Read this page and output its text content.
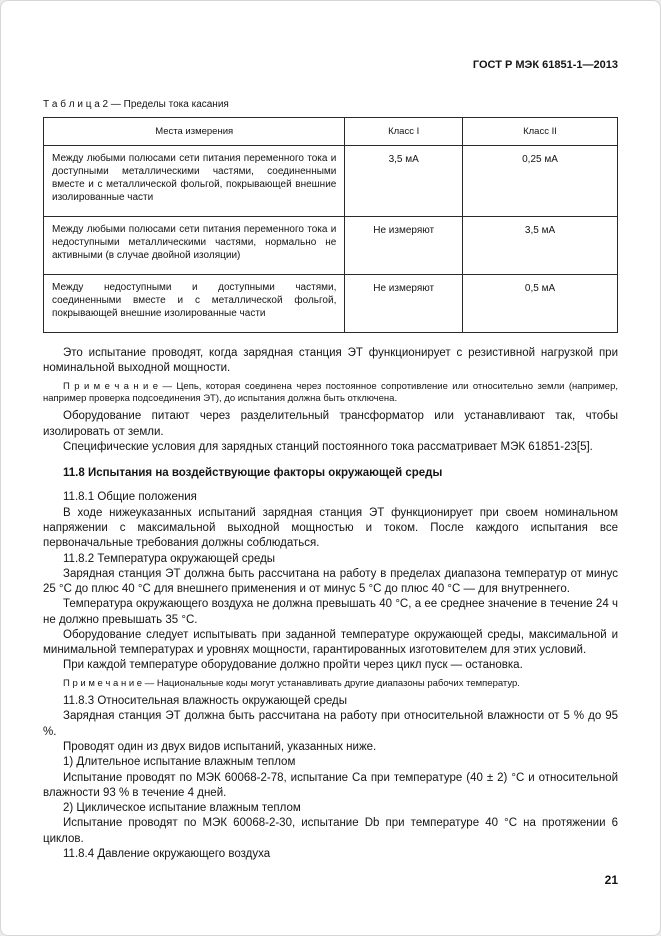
ГОСТ Р МЭК 61851-1—2013
Т а б л и ц а 2 — Пределы тока касания
Места измерения	Класс I	Класс II
Между любыми полюсами сети питания переменного тока и доступными металлическими частями, соединенными вместе и с металлической фольгой, покрывающей внешние изолированные части	3,5 мА	0,25 мА
Между любыми полюсами сети питания переменного тока и недоступными металлическими частями, нормально не активными (в случае двойной изоляции)	Не измеряют	3,5 мА
Между недоступными и доступными частями, соединенными вместе и с металлической фольгой, покрывающей внешние изолированные части	Не измеряют	0,5 мА

Это испытание проводят, когда зарядная станция ЭТ функционирует с резистивной нагрузкой при номинальной выходной мощности.

П р и м е ч а н и е — Цепь, которая соединена через постоянное сопротивление или относительно земли (например, например проверка подсоединения ЭТ), до испытания должна быть отключена.

Оборудование питают через разделительный трансформатор или устанавливают так, чтобы изолировать от земли.

Специфические условия для зарядных станций постоянного тока рассматривает МЭК 61851-23[5].

11.8 Испытания на воздействующие факторы окружающей среды

11.8.1 Общие положения

В ходе нижеуказанных испытаний зарядная станция ЭТ функционирует при своем номинальном напряжении с максимальной выходной мощностью и током. После каждого испытания все первоначальные требования должны соблюдаться.

11.8.2 Температура окружающей среды

Зарядная станция ЭТ должна быть рассчитана на работу в пределах диапазона температур от минус 25 °С до плюс 40 °С для внешнего применения и от минус 5 °С до плюс 40 °С — для внутреннего.

Температура окружающего воздуха не должна превышать 40 °С, а ее среднее значение в течение 24 ч не должно превышать 35 °С.

Оборудование следует испытывать при заданной температуре окружающей среды, максимальной и минимальной температурах и уровнях мощности, гарантированных изготовителем для этих условий.

При каждой температуре оборудование должно пройти через цикл пуск — остановка.

П р и м е ч а н и е — Национальные коды могут устанавливать другие диапазоны рабочих температур.

11.8.3 Относительная влажность окружающей среды

Зарядная станция ЭТ должна быть рассчитана на работу при относительной влажности от 5 % до 95 %.

Проводят один из двух видов испытаний, указанных ниже.

1) Длительное испытание влажным теплом

Испытание проводят по МЭК 60068-2-78, испытание Са при температуре (40 ± 2) °С и относительной влажности 93 % в течение 4 дней.

2) Циклическое испытание влажным теплом

Испытание проводят по МЭК 60068-2-30, испытание Db при температуре 40 °С на протяжении 6 циклов.

11.8.4 Давление окружающего воздуха

21
